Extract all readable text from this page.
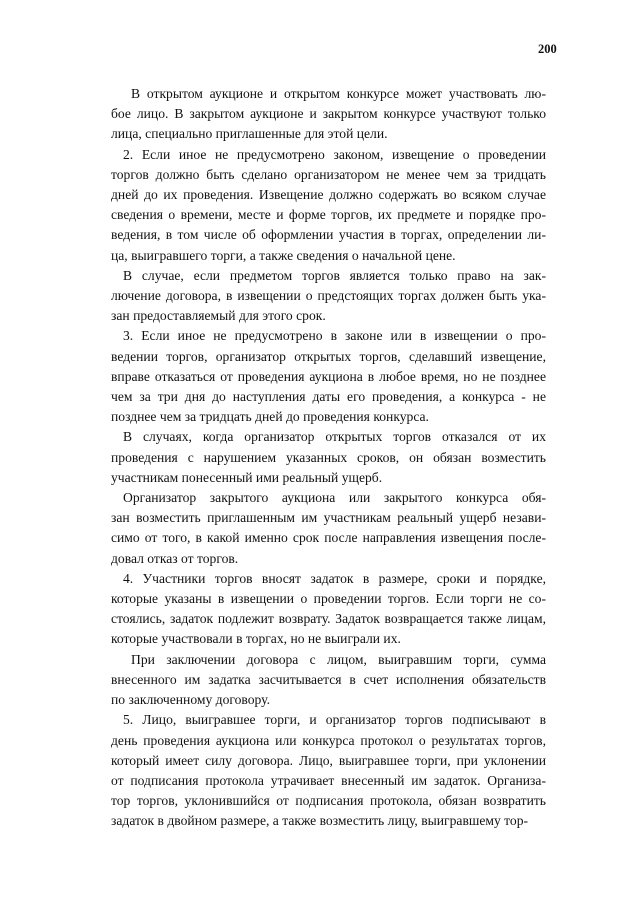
200

В открытом аукционе и открытом конкурсе может участвовать лю-
бое лицо. В закрытом аукционе и закрытом конкурсе участвуют только
лица, специально приглашенные для этой цели.

2. Если иное не предусмотрено законом, извещение о проведении
торгов должно быть сделано организатором не менее чем за тридцать
дней до их проведения. Извещение должно содержать во всяком случае
сведения о времени, месте и форме торгов, их предмете и порядке про-
ведения, в том числе об оформлении участия в торгах, определении ли-
ца, выигравшего торги, а также сведения о начальной цене.

В случае, если предметом торгов является только право на зак-
лючение договора, в извещении о предстоящих торгах должен быть ука-
зан предоставляемый для этого срок.

3. Если иное не предусмотрено в законе или в извещении о про-
ведении торгов, организатор открытых торгов, сделавший извещение,
вправе отказаться от проведения аукциона в любое время, но не позднее
чем за три дня до наступления даты его проведения, а конкурса - не
позднее чем за тридцать дней до проведения конкурса.

В случаях, когда организатор открытых торгов отказался от их
проведения с нарушением указанных сроков, он обязан возместить
участникам понесенный ими реальный ущерб.

Организатор закрытого аукциона или закрытого конкурса обя-
зан возместить приглашенным им участникам реальный ущерб незави-
симо от того, в какой именно срок после направления извещения после-
довал отказ от торгов.

4. Участники торгов вносят задаток в размере, сроки и порядке,
которые указаны в извещении о проведении торгов. Если торги не со-
стоялись, задаток подлежит возврату. Задаток возвращается также лицам,
которые участвовали в торгах, но не выиграли их.

При заключении договора с лицом, выигравшим торги, сумма
внесенного им задатка засчитывается в счет исполнения обязательств
по заключенному договору.

5. Лицо, выигравшее торги, и организатор торгов подписывают в
день проведения аукциона или конкурса протокол о результатах торгов,
который имеет силу договора. Лицо, выигравшее торги, при уклонении
от подписания протокола утрачивает внесенный им задаток. Организа-
тор торгов, уклонившийся от подписания протокола, обязан возвратить
задаток в двойном размере, а также возместить лицу, выигравшему тор-
